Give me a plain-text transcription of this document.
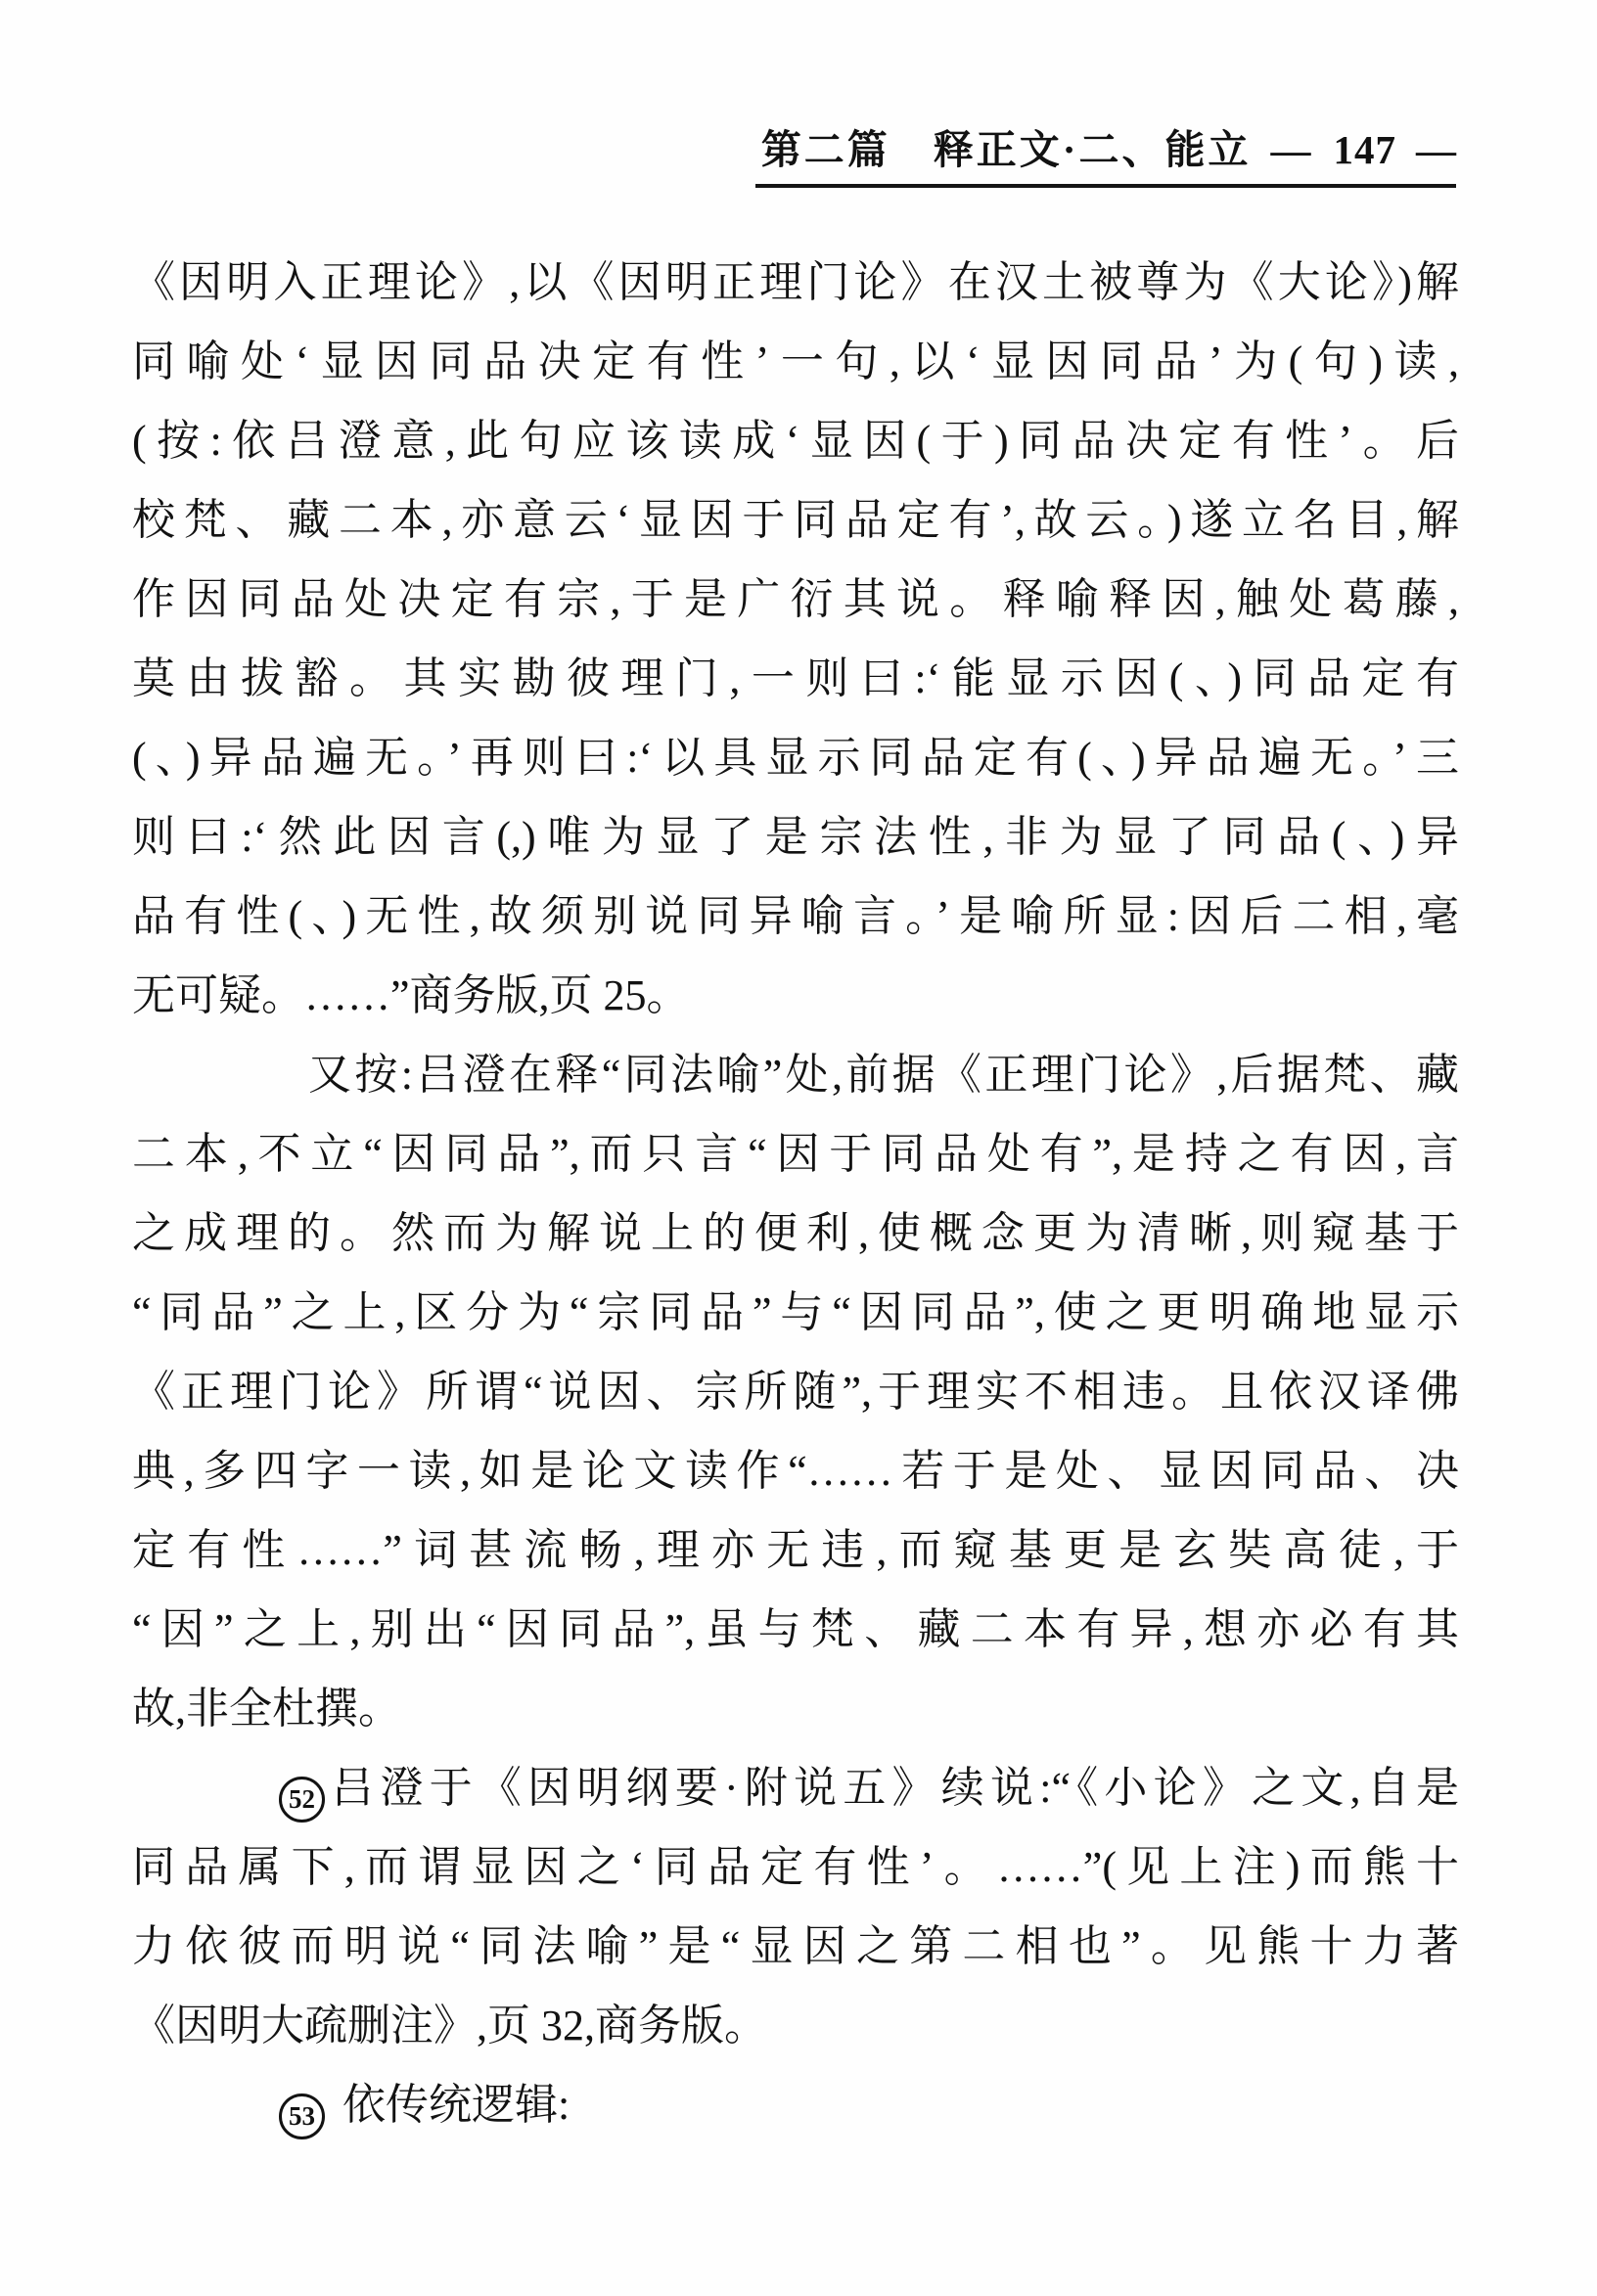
第二篇　释正文·二、能立 — 147 —
《因明入正理论》,以《因明正理门论》在汉土被尊为《大论》)解
同喻处‘显因同品决定有性’一句,以‘显因同品’为(句)读,
(按:依吕澄意,此句应该读成‘显因(于)同品决定有性’。后
校梵、藏二本,亦意云‘显因于同品定有’,故云。)遂立名目,解
作因同品处决定有宗,于是广衍其说。释喻释因,触处葛藤,
莫由拔豁。其实勘彼理门,一则曰:‘能显示因(、)同品定有
(、)异品遍无。’再则曰:‘以具显示同品定有(、)异品遍无。’三
则曰:‘然此因言(,)唯为显了是宗法性,非为显了同品(、)异
品有性(、)无性,故须别说同异喻言。’是喻所显:因后二相,毫
无可疑。……”商务版,页 25。
又按:吕澄在释“同法喻”处,前据《正理门论》,后据梵、藏
二本,不立“因同品”,而只言“因于同品处有”,是持之有因,言
之成理的。然而为解说上的便利,使概念更为清晰,则窥基于
“同品”之上,区分为“宗同品”与“因同品”,使之更明确地显示
《正理门论》所谓“说因、宗所随”,于理实不相违。且依汉译佛
典,多四字一读,如是论文读作“……若于是处、显因同品、决
定有性……”词甚流畅,理亦无违,而窥基更是玄奘高徒,于
“因”之上,别出“因同品”,虽与梵、藏二本有异,想亦必有其
故,非全杜撰。
52 吕澄于《因明纲要·附说五》续说:“《小论》之文,自是
同品属下,而谓显因之‘同品定有性’。……”(见上注)而熊十
力依彼而明说“同法喻”是“显因之第二相也”。见熊十力著
《因明大疏删注》,页 32,商务版。
53 依传统逻辑:
